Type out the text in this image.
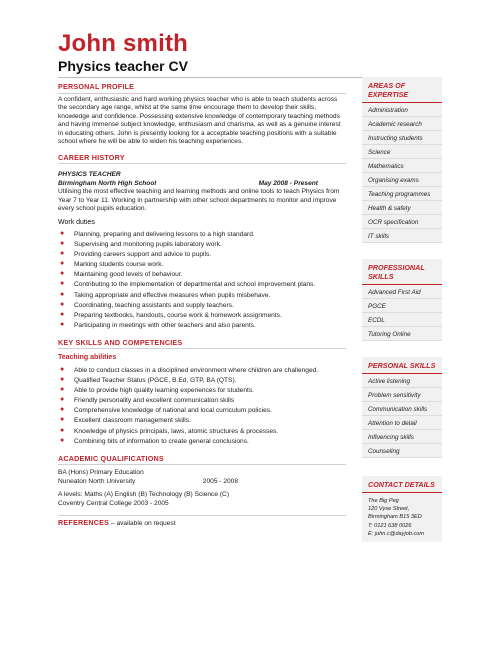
John smith
Physics teacher CV
PERSONAL PROFILE
A confident, enthusiastic and hard working physics teacher who is able to teach students across the secondary age range, whilst at the same time encourage them to develop their skills, knowledge and confidence. Possessing extensive knowledge of contemporary teaching methods and having immense subject knowledge, enthusiasm and charisma, as well as a genuine interest in educating others. John is presently looking for a acceptable teaching positions with a suitable school where he will be able to widen his teaching experiences.
CAREER HISTORY
PHYSICS TEACHER
Birmingham North High School	May 2008 - Present
Utilising the most effective teaching and learning methods and online tools to teach Physics from Year 7 to Year 11. Working in partnership with other school departments to monitor and improve every school pupils education.
Work duties
● Planning, preparing and delivering lessons to a high standard.
● Supervising and monitoring pupils laboratory work.
● Providing careers support and advice to pupils.
● Marking students course work.
● Maintaining good levels of behaviour.
● Contributing to the implementation of departmental and school improvement plans.
● Taking appropriate and effective measures when pupils misbehave.
● Coordinating, teaching assistants and supply teachers.
● Preparing textbooks, handouts, course work & homework assignments.
● Participating in meetings with other teachers and also parents.
KEY SKILLS AND COMPETENCIES
Teaching abilities
● Able to conduct classes in a disciplined environment where children are challenged.
● Qualified Teacher Status (PGCE, B.Ed, GTP, BA (QTS).
● Able to provide high quality learning experiences for students.
● Friendly personality and excellent communication skills
● Comprehensive knowledge of national and local curriculum policies.
● Excellent classroom management skills.
● Knowledge of physics principals, laws, atomic structures & processes.
● Combining bits of information to create general conclusions.
ACADEMIC QUALIFICATIONS
BA (Hons) Primary Education
Nuneaton North University	2005 - 2008
A levels: Maths (A) English (B) Technology (B) Science (C)
Coventry Central College 2003 - 2005
REFERENCES – available on request
AREAS OF EXPERTISE
Administration
Academic research
Instructing students
Science
Mathematics
Organising exams
Teaching programmes
Health & safety
OCR specification
IT skills
PROFESSIONAL SKILLS
Advanced First Aid
PGCE
ECDL
Tutoring Online
PERSONAL SKILLS
Active listening
Problem sensitivity
Communication skills
Attention to detail
Influencing skills
Counseling
CONTACT DETAILS
The Big Peg
120 Vyse Street,
Birmingham B15 3ED
T: 0121 638 0026
E: john.c@dayjob.com
